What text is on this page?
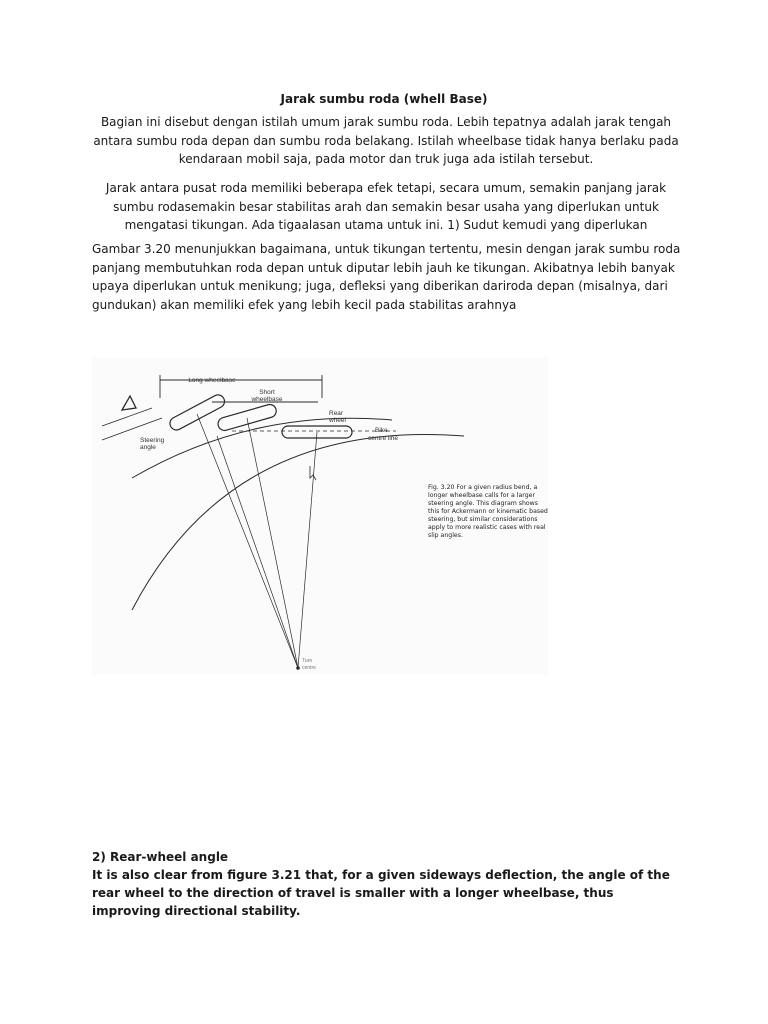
Jarak sumbu roda (whell Base)

Bagian ini disebut dengan istilah umum jarak sumbu roda. Lebih tepatnya adalah jarak tengah antara sumbu roda depan dan sumbu roda belakang. Istilah wheelbase tidak hanya berlaku pada kendaraan mobil saja, pada motor dan truk juga ada istilah tersebut.

Jarak antara pusat roda memiliki beberapa efek tetapi, secara umum, semakin panjang jarak sumbu rodasemakin besar stabilitas arah dan semakin besar usaha yang diperlukan untuk mengatasi tikungan. Ada tigaalasan utama untuk ini. 1) Sudut kemudi yang diperlukan

Gambar 3.20 menunjukkan bagaimana, untuk tikungan tertentu, mesin dengan jarak sumbu roda panjang membutuhkan roda depan untuk diputar lebih jauh ke tikungan. Akibatnya lebih banyak upaya diperlukan untuk menikung; juga, defleksi yang diberikan dariroda depan (misalnya, dari gundukan) akan memiliki efek yang lebih kecil pada stabilitas arahnya

Long wheelbase
Short
wheelbase
Rear
wheel
Bike
centre line
Steering
angle
Turn
centre

Fig. 3.20 For a given radius bend, a longer wheelbase calls for a larger steering angle. This diagram shows this for Ackermann or kinematic based steering, but similar considerations apply to more realistic cases with real slip angles.

2) Rear-wheel angle

It is also clear from figure 3.21 that, for a given sideways deflection, the angle of the rear wheel to the direction of travel is smaller with a longer wheelbase, thus improving directional stability.
